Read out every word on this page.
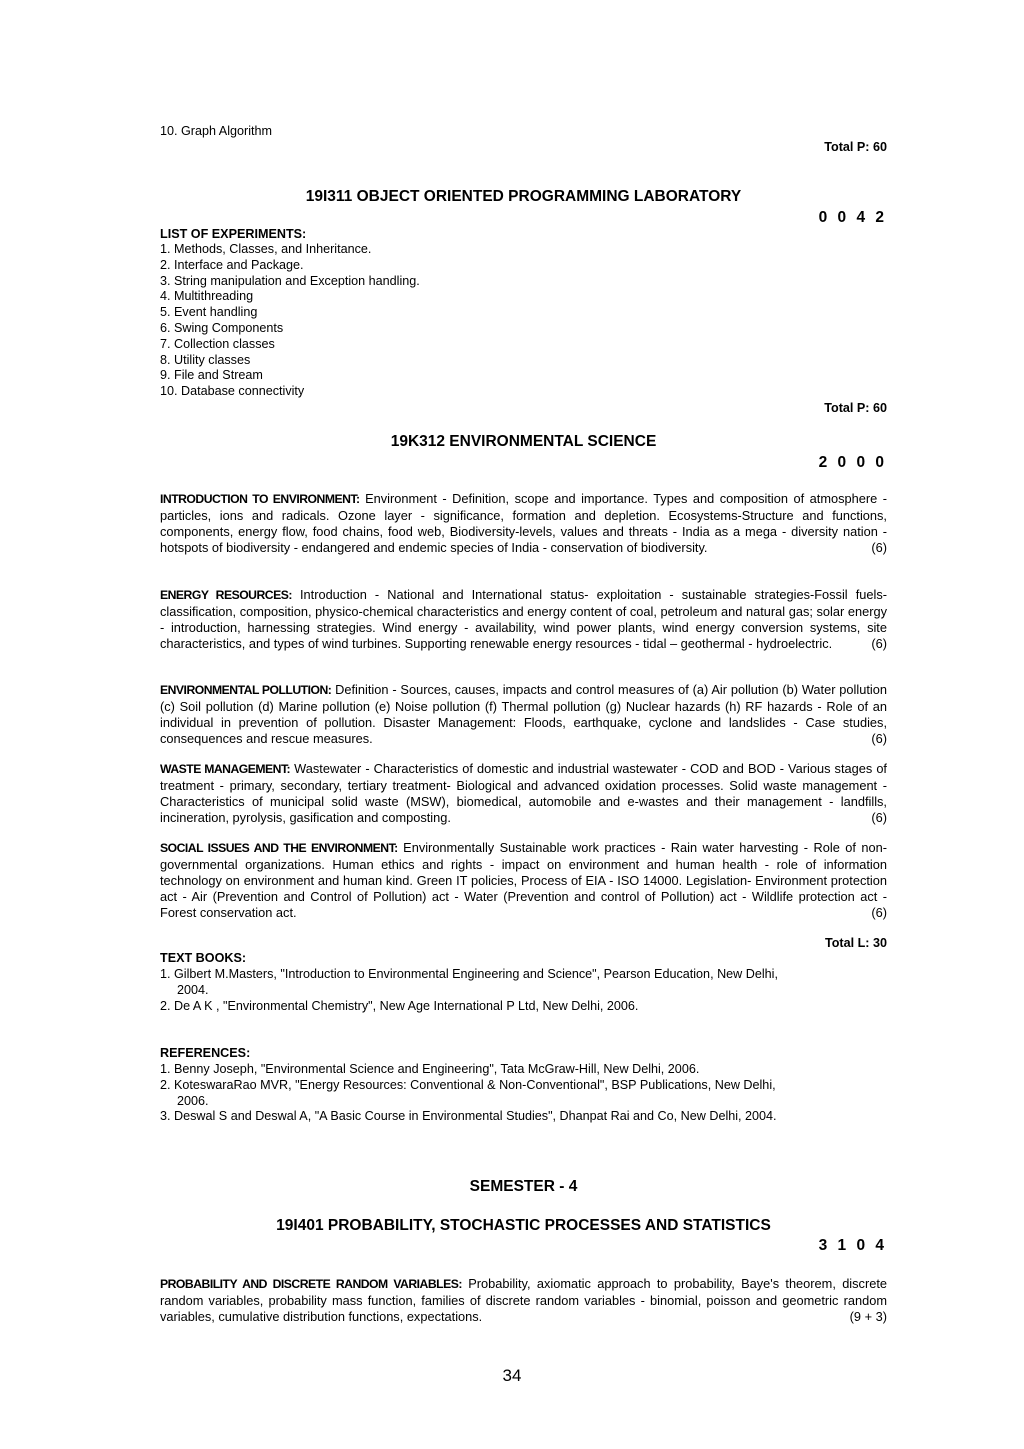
10. Graph Algorithm
Total P: 60
19I311 OBJECT ORIENTED PROGRAMMING LABORATORY
0 0 4 2
LIST OF EXPERIMENTS:
1. Methods, Classes, and Inheritance.
2. Interface and Package.
3. String manipulation and Exception handling.
4. Multithreading
5. Event handling
6. Swing Components
7. Collection classes
8. Utility classes
9. File and Stream
10. Database connectivity
Total P: 60
19K312 ENVIRONMENTAL SCIENCE
2 0 0 0

INTRODUCTION TO ENVIRONMENT: Environment - Definition, scope and importance. Types and composition of atmosphere - particles, ions and radicals. Ozone layer - significance, formation and depletion. Ecosystems-Structure and functions, components, energy flow, food chains, food web, Biodiversity-levels, values and threats - India as a mega - diversity nation - hotspots of biodiversity - endangered and endemic species of India - conservation of biodiversity.	(6)

ENERGY RESOURCES: Introduction - National and International status- exploitation - sustainable strategies-Fossil fuels-classification, composition, physico-chemical characteristics and energy content of coal, petroleum and natural gas; solar energy - introduction, harnessing strategies. Wind energy - availability, wind power plants, wind energy conversion systems, site characteristics, and types of wind turbines. Supporting renewable energy resources - tidal – geothermal - hydroelectric.	(6)

ENVIRONMENTAL POLLUTION: Definition - Sources, causes, impacts and control measures of (a) Air pollution (b) Water pollution (c) Soil pollution (d) Marine pollution (e) Noise pollution (f) Thermal pollution (g) Nuclear hazards (h) RF hazards - Role of an individual in prevention of pollution. Disaster Management: Floods, earthquake, cyclone and landslides - Case studies, consequences and rescue measures.	(6)

WASTE MANAGEMENT: Wastewater - Characteristics of domestic and industrial wastewater - COD and BOD - Various stages of treatment - primary, secondary, tertiary treatment- Biological and advanced oxidation processes. Solid waste management - Characteristics of municipal solid waste (MSW), biomedical, automobile and e-wastes and their management - landfills, incineration, pyrolysis, gasification and composting.	(6)

SOCIAL ISSUES AND THE ENVIRONMENT: Environmentally Sustainable work practices - Rain water harvesting - Role of non-governmental organizations. Human ethics and rights - impact on environment and human health - role of information technology on environment and human kind. Green IT policies, Process of EIA - ISO 14000. Legislation- Environment protection act - Air (Prevention and Control of Pollution) act - Water (Prevention and control of Pollution) act - Wildlife protection act - Forest conservation act.	(6)

Total L: 30
TEXT BOOKS:
1. Gilbert M.Masters, "Introduction to Environmental Engineering and Science", Pearson Education, New Delhi,
2004.
2. De A K , "Environmental Chemistry", New Age International P Ltd, New Delhi, 2006.
REFERENCES:
1. Benny Joseph, "Environmental Science and Engineering", Tata McGraw-Hill, New Delhi, 2006.
2. KoteswaraRao MVR, "Energy Resources: Conventional & Non-Conventional", BSP Publications, New Delhi,
2006.
3. Deswal S and Deswal A, "A Basic Course in Environmental Studies", Dhanpat Rai and Co, New Delhi, 2004.
SEMESTER - 4
19I401 PROBABILITY, STOCHASTIC PROCESSES AND STATISTICS
3 1 0 4

PROBABILITY AND DISCRETE RANDOM VARIABLES: Probability, axiomatic approach to probability, Baye's theorem, discrete random variables, probability mass function, families of discrete random variables - binomial, poisson and geometric random variables, cumulative distribution functions, expectations.	(9 + 3)

34
